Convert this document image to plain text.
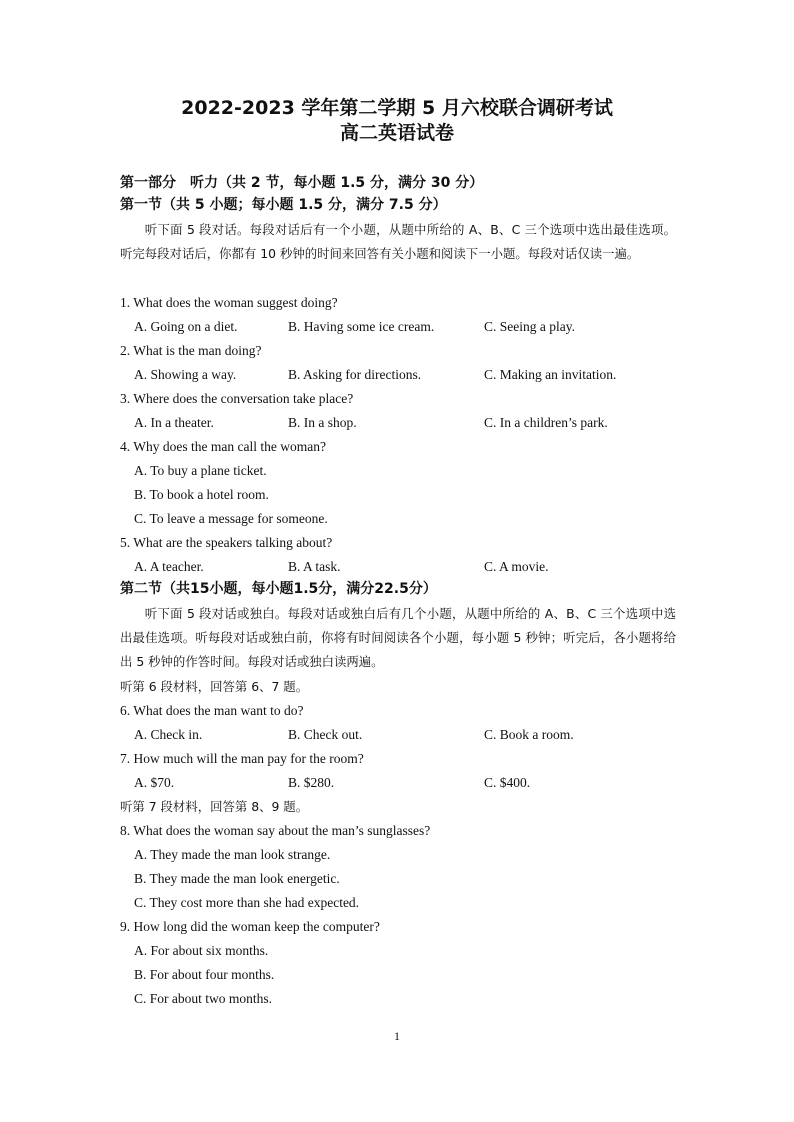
2022-2023 学年第二学期 5 月六校联合调研考试
高二英语试卷
第一部分　听力（共 2 节，每小题 1.5 分，满分 30 分）
第一节（共 5 小题；每小题 1.5 分，满分 7.5 分）

听下面 5 段对话。每段对话后有一个小题，从题中所给的 A、B、C 三个选项中选出最佳选项。听完每段对话后，你都有 10 秒钟的时间来回答有关小题和阅读下一小题。每段对话仅读一遍。

1. What does the woman suggest doing?
A. Going on a diet.	B. Having some ice cream.	C. Seeing a play.
2. What is the man doing?
A. Showing a way.	B. Asking for directions.	C. Making an invitation.
3. Where does the conversation take place?
A. In a theater.	B. In a shop.	C. In a children’s park.
4. Why does the man call the woman?
A. To buy a plane ticket.
B. To book a hotel room.
C. To leave a message for someone.
5. What are the speakers talking about?
A. A teacher.	B. A task.	C. A movie.
第二节（共15小题，每小题1.5分，满分22.5分）

听下面 5 段对话或独白。每段对话或独白后有几个小题，从题中所给的 A、B、C 三个选项中选出最佳选项。听每段对话或独白前，你将有时间阅读各个小题，每小题 5 秒钟；听完后，各小题将给出 5 秒钟的作答时间。每段对话或独白读两遍。

听第 6 段材料，回答第 6、7 题。
6. What does the man want to do?
A. Check in.	B. Check out.	C. Book a room.
7. How much will the man pay for the room?
A. $70.	B. $280.	C. $400.
听第 7 段材料，回答第 8、9 题。
8. What does the woman say about the man’s sunglasses?
A. They made the man look strange.
B. They made the man look energetic.
C. They cost more than she had expected.
9. How long did the woman keep the computer?
A. For about six months.
B. For about four months.
C. For about two months.
1
